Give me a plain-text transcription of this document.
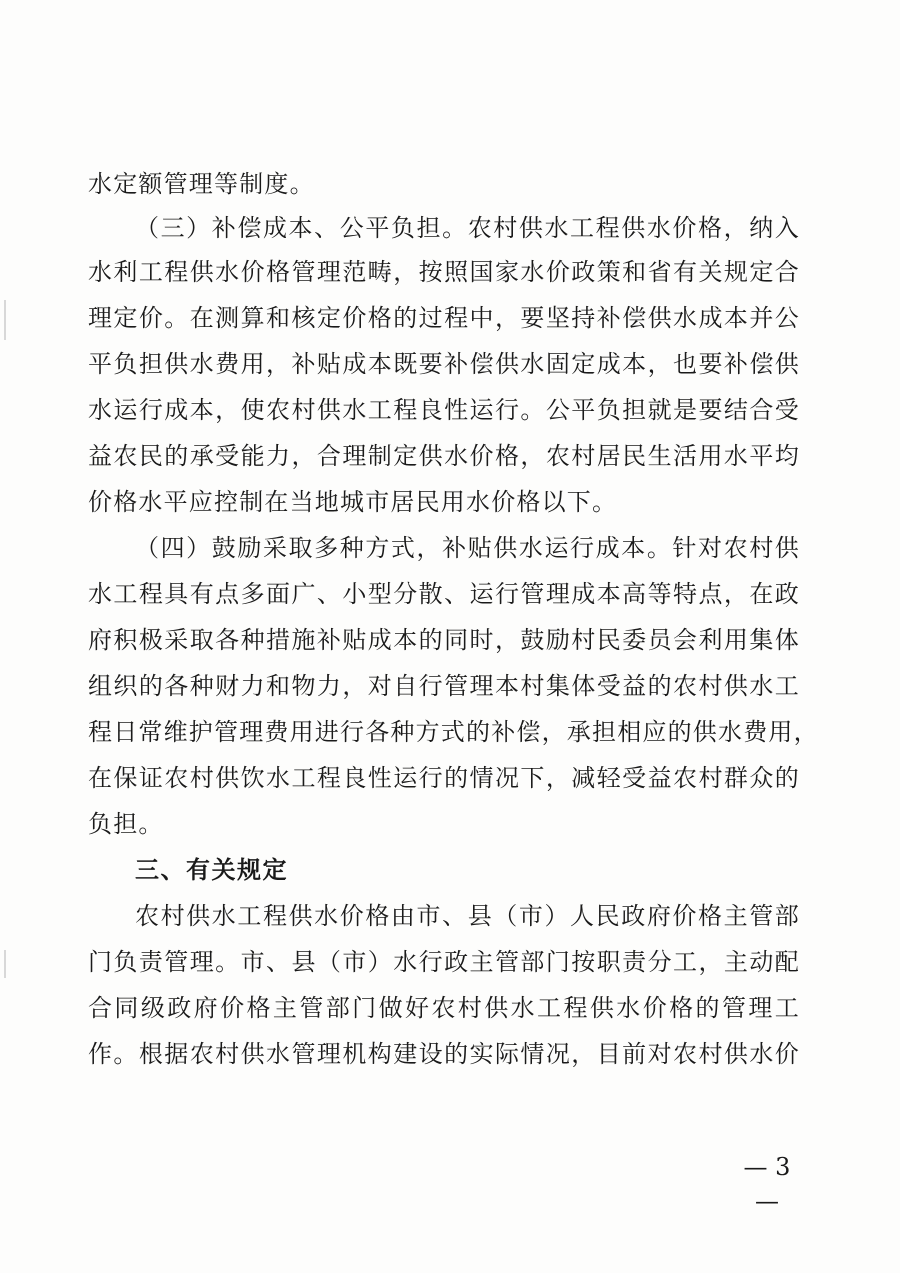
水定额管理等制度。
（三）补偿成本、公平负担。农村供水工程供水价格，纳入
水利工程供水价格管理范畴，按照国家水价政策和省有关规定合
理定价。在测算和核定价格的过程中，要坚持补偿供水成本并公
平负担供水费用，补贴成本既要补偿供水固定成本，也要补偿供
水运行成本，使农村供水工程良性运行。公平负担就是要结合受
益农民的承受能力，合理制定供水价格，农村居民生活用水平均
价格水平应控制在当地城市居民用水价格以下。
（四）鼓励采取多种方式，补贴供水运行成本。针对农村供
水工程具有点多面广、小型分散、运行管理成本高等特点，在政
府积极采取各种措施补贴成本的同时，鼓励村民委员会利用集体
组织的各种财力和物力，对自行管理本村集体受益的农村供水工
程日常维护管理费用进行各种方式的补偿，承担相应的供水费用，
在保证农村供饮水工程良性运行的情况下，减轻受益农村群众的
负担。
三、有关规定
农村供水工程供水价格由市、县（市）人民政府价格主管部
门负责管理。市、县（市）水行政主管部门按职责分工，主动配
合同级政府价格主管部门做好农村供水工程供水价格的管理工
作。根据农村供水管理机构建设的实际情况，目前对农村供水价
— 3 —
